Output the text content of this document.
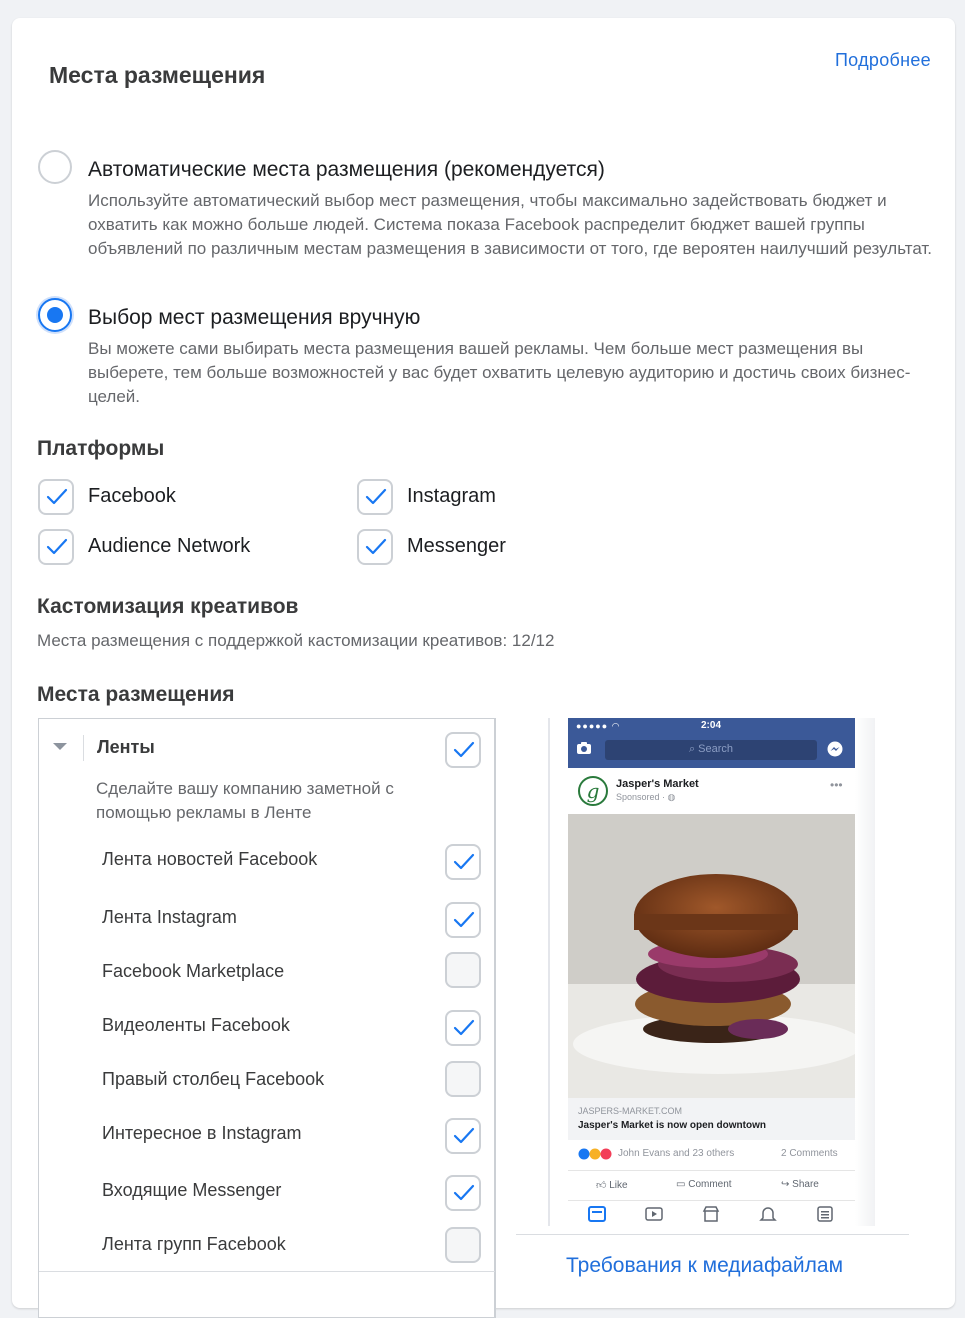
Места размещения
Подробнее
Автоматические места размещения (рекомендуется)
Используйте автоматический выбор мест размещения, чтобы максимально задействовать бюджет и охватить как можно больше людей. Система показа Facebook распределит бюджет вашей группы объявлений по различным местам размещения в зависимости от того, где вероятен наилучший результат.
Выбор мест размещения вручную
Вы можете сами выбирать места размещения вашей рекламы. Чем больше мест размещения вы выберете, тем больше возможностей у вас будет охватить целевую аудиторию и достичь своих бизнес-целей.
Платформы
Facebook	Instagram
Audience Network	Messenger
Кастомизация креативов
Места размещения с поддержкой кастомизации креативов: 12/12
Места размещения
Ленты
Сделайте вашу компанию заметной с помощью рекламы в Ленте
Лента новостей Facebook
Лента Instagram
Facebook Marketplace
Видеоленты Facebook
Правый столбец Facebook
Интересное в Instagram
Входящие Messenger
Лента групп Facebook
●●●●● ◠	2:04
⌕ Search
g	Jasper's Market
Sponsored · ◍
•••
JASPERS-MARKET.COM
Jasper's Market is now open downtown
John Evans and 23 others	2 Comments
👍︎ Like	▭ Comment	↪ Share
Требования к медиафайлам
